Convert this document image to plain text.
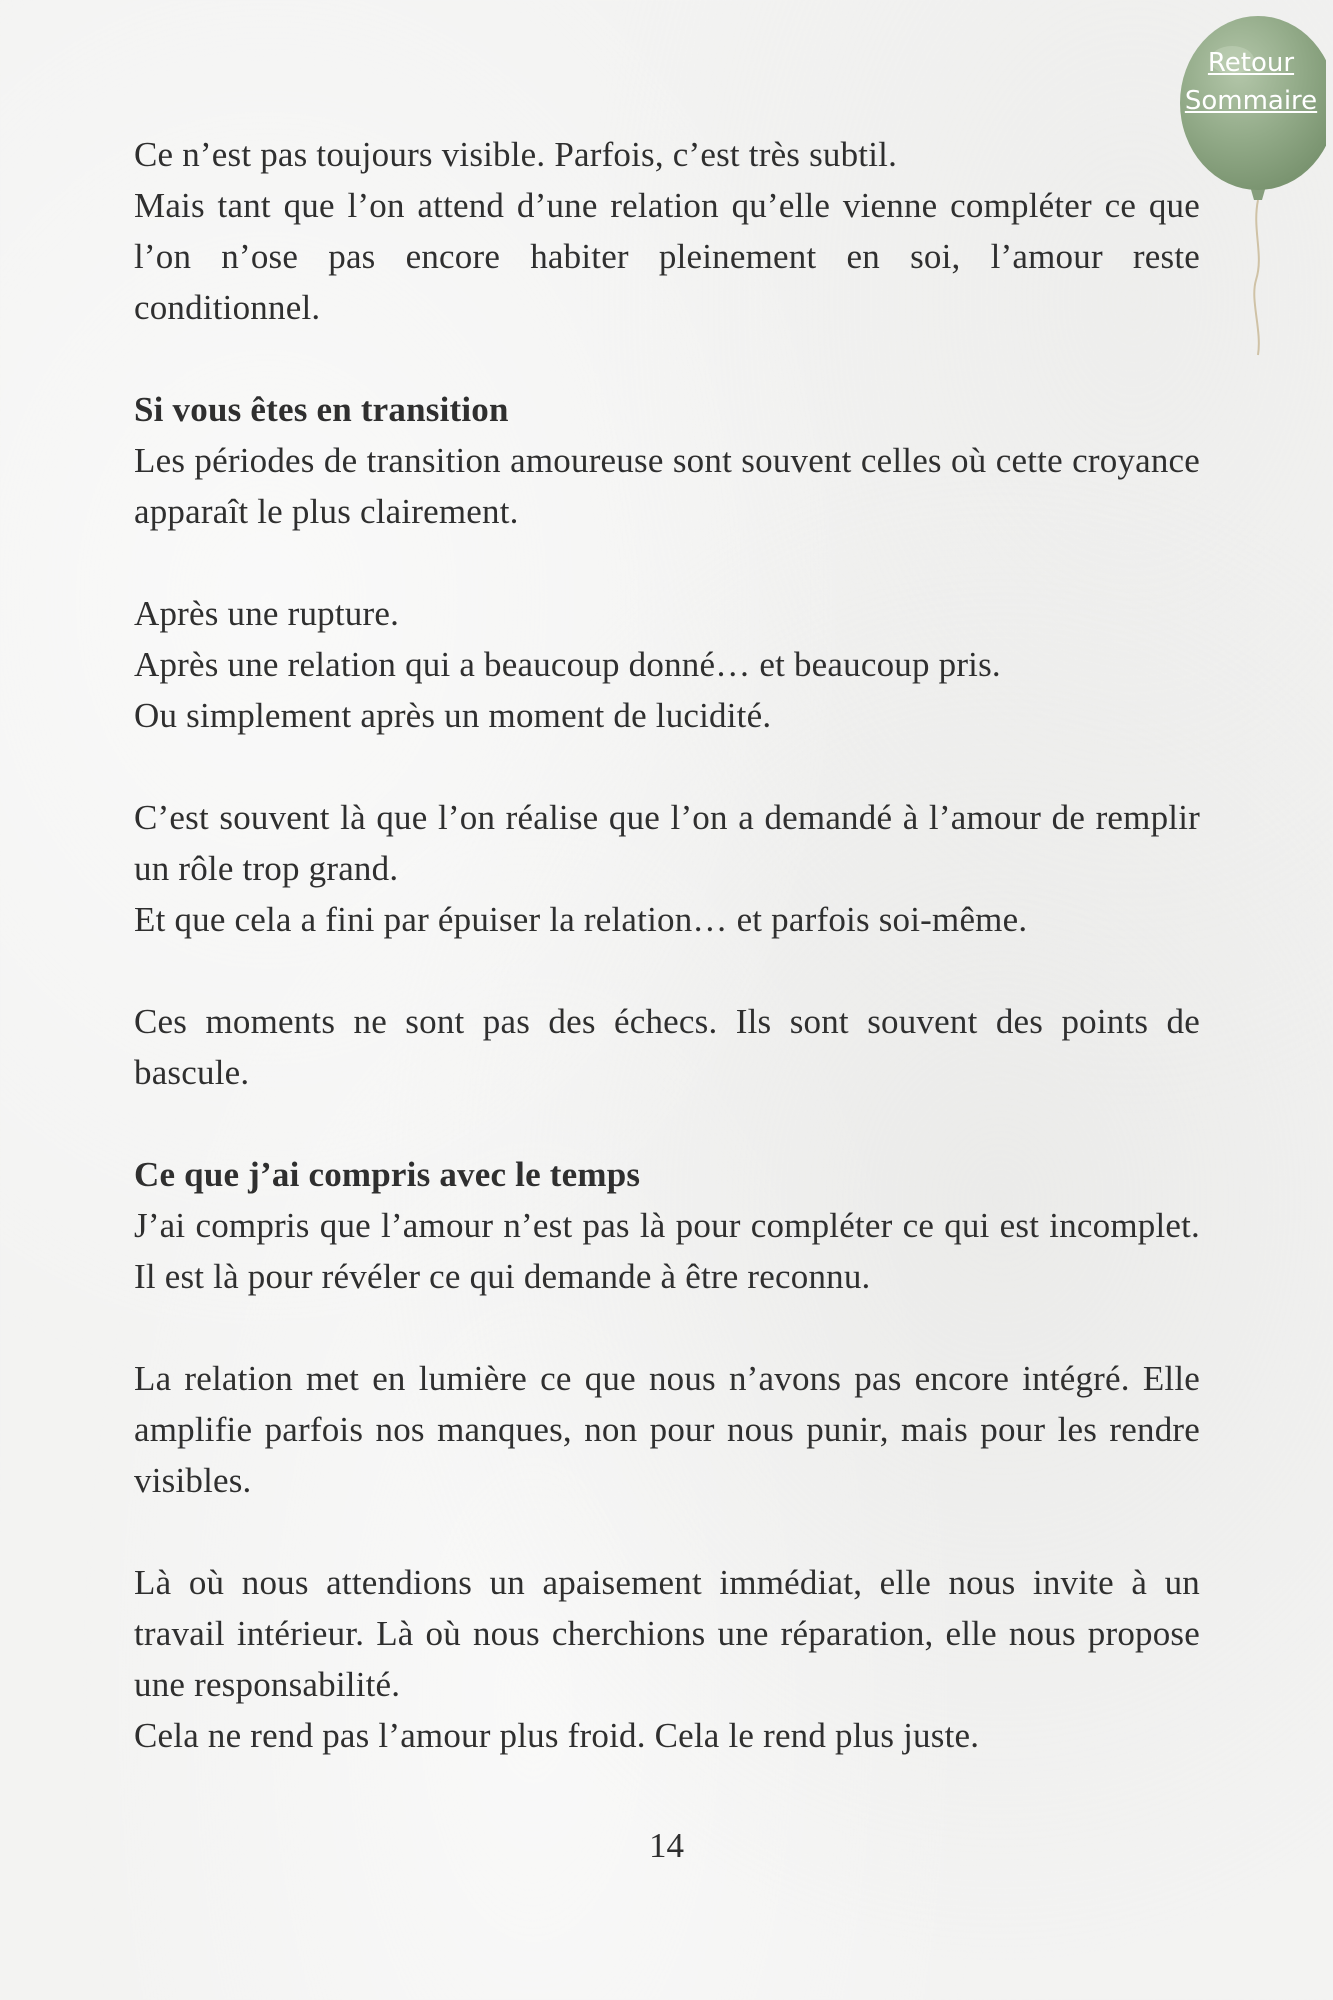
Retour
Sommaire

Ce n’est pas toujours visible. Parfois, c’est très subtil.

Mais tant que l’on attend d’une relation qu’elle vienne compléter ce que l’on n’ose pas encore habiter pleinement en soi, l’amour reste conditionnel.

Si vous êtes en transition

Les périodes de transition amoureuse sont souvent celles où cette croyance apparaît le plus clairement.

Après une rupture.

Après une relation qui a beaucoup donné… et beaucoup pris.

Ou simplement après un moment de lucidité.

C’est souvent là que l’on réalise que l’on a demandé à l’amour de remplir un rôle trop grand.

Et que cela a fini par épuiser la relation… et parfois soi-même.

Ces moments ne sont pas des échecs. Ils sont souvent des points de bascule.

Ce que j’ai compris avec le temps

J’ai compris que l’amour n’est pas là pour compléter ce qui est incomplet. Il est là pour révéler ce qui demande à être reconnu.

La relation met en lumière ce que nous n’avons pas encore intégré. Elle amplifie parfois nos manques, non pour nous punir, mais pour les rendre visibles.

Là où nous attendions un apaisement immédiat, elle nous invite à un travail intérieur. Là où nous cherchions une réparation, elle nous propose une responsabilité.

Cela ne rend pas l’amour plus froid. Cela le rend plus juste.

14
